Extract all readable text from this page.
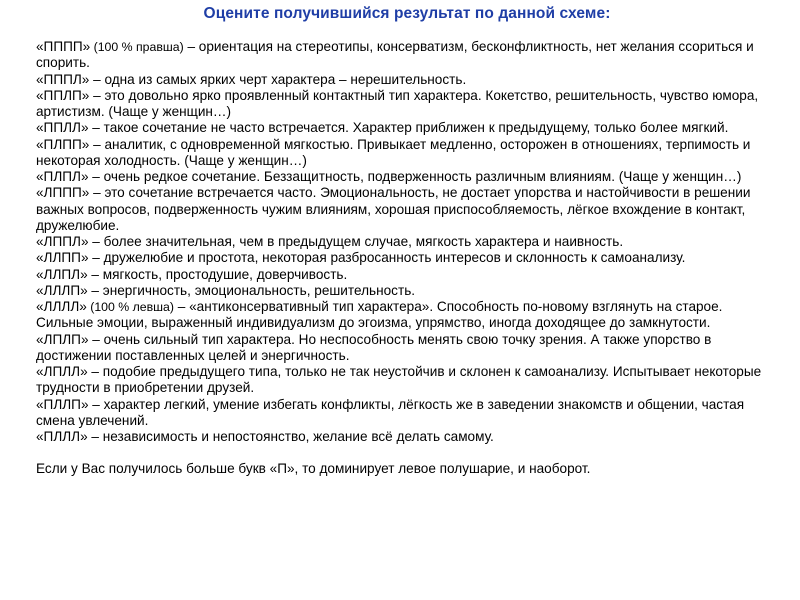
Оцените получившийся результат по данной схеме:

«ПППП» (100 % правша) – ориентация на стереотипы, консерватизм, бесконфликтность, нет желания ссориться и спорить.

«ПППЛ» – одна из самых ярких черт характера – нерешительность.

«ППЛП» – это довольно ярко проявленный контактный тип характера. Кокетство, решительность, чувство юмора, артистизм. (Чаще у женщин…)

«ППЛЛ» – такое сочетание не часто встречается. Характер приближен к предыдущему, только более мягкий.

«ПЛПП» – аналитик, с одновременной мягкостью. Привыкает медленно, осторожен в отношениях, терпимость и некоторая холодность. (Чаще у женщин…)

«ПЛПЛ» – очень редкое сочетание. Беззащитность, подверженность различным влияниям. (Чаще у женщин…)

«ЛППП» – это сочетание встречается часто. Эмоциональность, не достает упорства и настойчивости в решении важных вопросов, подверженность чужим влияниям, хорошая приспособляемость, лёгкое вхождение в контакт, дружелюбие.

«ЛППЛ» – более значительная, чем в предыдущем случае, мягкость характера и наивность.

«ЛЛПП» – дружелюбие и простота, некоторая разбросанность интересов и склонность к самоанализу.

«ЛЛПЛ» – мягкость, простодушие, доверчивость.

«ЛЛЛП» – энергичность, эмоциональность, решительность.

«ЛЛЛЛ» (100 % левша) – «антиконсервативный тип характера». Способность по-новому взглянуть на старое. Сильные эмоции, выраженный индивидуализм до эгоизма, упрямство, иногда доходящее до замкнутости.

«ЛПЛП» – очень сильный тип характера. Но неспособность менять свою точку зрения. А также упорство в достижении поставленных целей и энергичность.

«ЛПЛЛ» – подобие предыдущего типа, только не так неустойчив и склонен к самоанализу. Испытывает некоторые трудности в приобретении друзей.

«ПЛЛП» – характер легкий, умение избегать конфликты, лёгкость же в заведении знакомств и общении, частая смена увлечений.

«ПЛЛЛ» – независимость и непостоянство, желание всё делать самому.

Если у Вас получилось больше букв «П», то доминирует левое полушарие, и наоборот.
